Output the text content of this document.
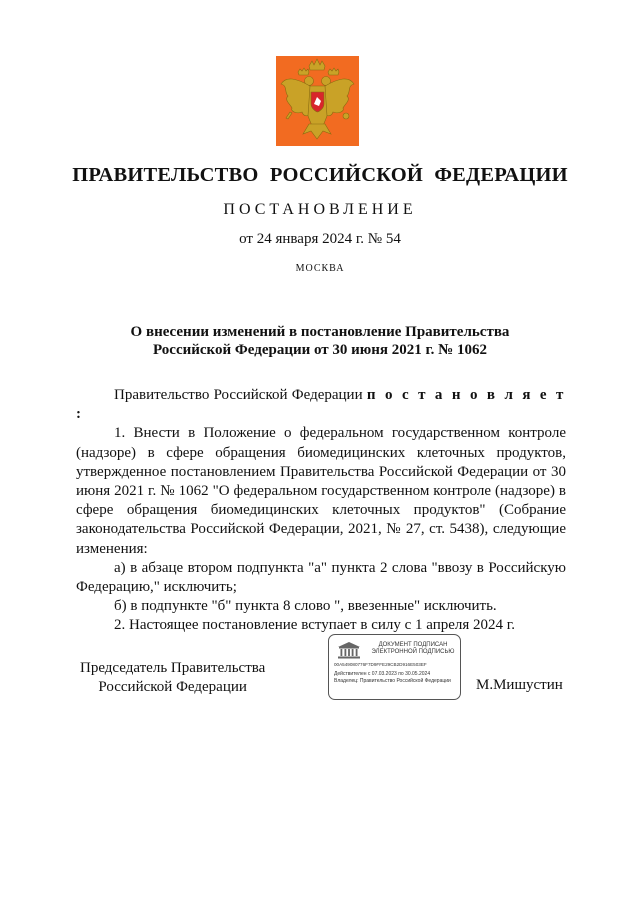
ПРАВИТЕЛЬСТВО РОССИЙСКОЙ ФЕДЕРАЦИИ
ПОСТАНОВЛЕНИЕ
от 24 января 2024 г. № 54
МОСКВА
О внесении изменений в постановление Правительства
Российской Федерации от 30 июня 2021 г. № 1062

Правительство Российской Федерации п о с т а н о в л я е т :

1. Внести в Положение о федеральном государственном контроле (надзоре) в сфере обращения биомедицинских клеточных продуктов, утвержденное постановлением Правительства Российской Федерации от 30 июня 2021 г. № 1062 "О федеральном государственном контроле (надзоре) в сфере обращения биомедицинских клеточных продуктов" (Собрание законодательства Российской Федерации, 2021, № 27, ст. 5438), следующие изменения:

а) в абзаце втором подпункта "а" пункта 2 слова "ввозу в Российскую Федерацию," исключить;

б) в подпункте "б" пункта 8 слово ", ввезенные" исключить.

2. Настоящее постановление вступает в силу с 1 апреля 2024 г.

Председатель Правительства
Российской Федерации
ДОКУМЕНТ ПОДПИСАН
ЭЛЕКТРОННОЙ ПОДПИСЬЮ
00A549080776F7D9FFE29CB2D916E503EF
Действителен с 07.03.2023 по 30.05.2024
Владелец: Правительство Российской Федерации М.Мишустин
